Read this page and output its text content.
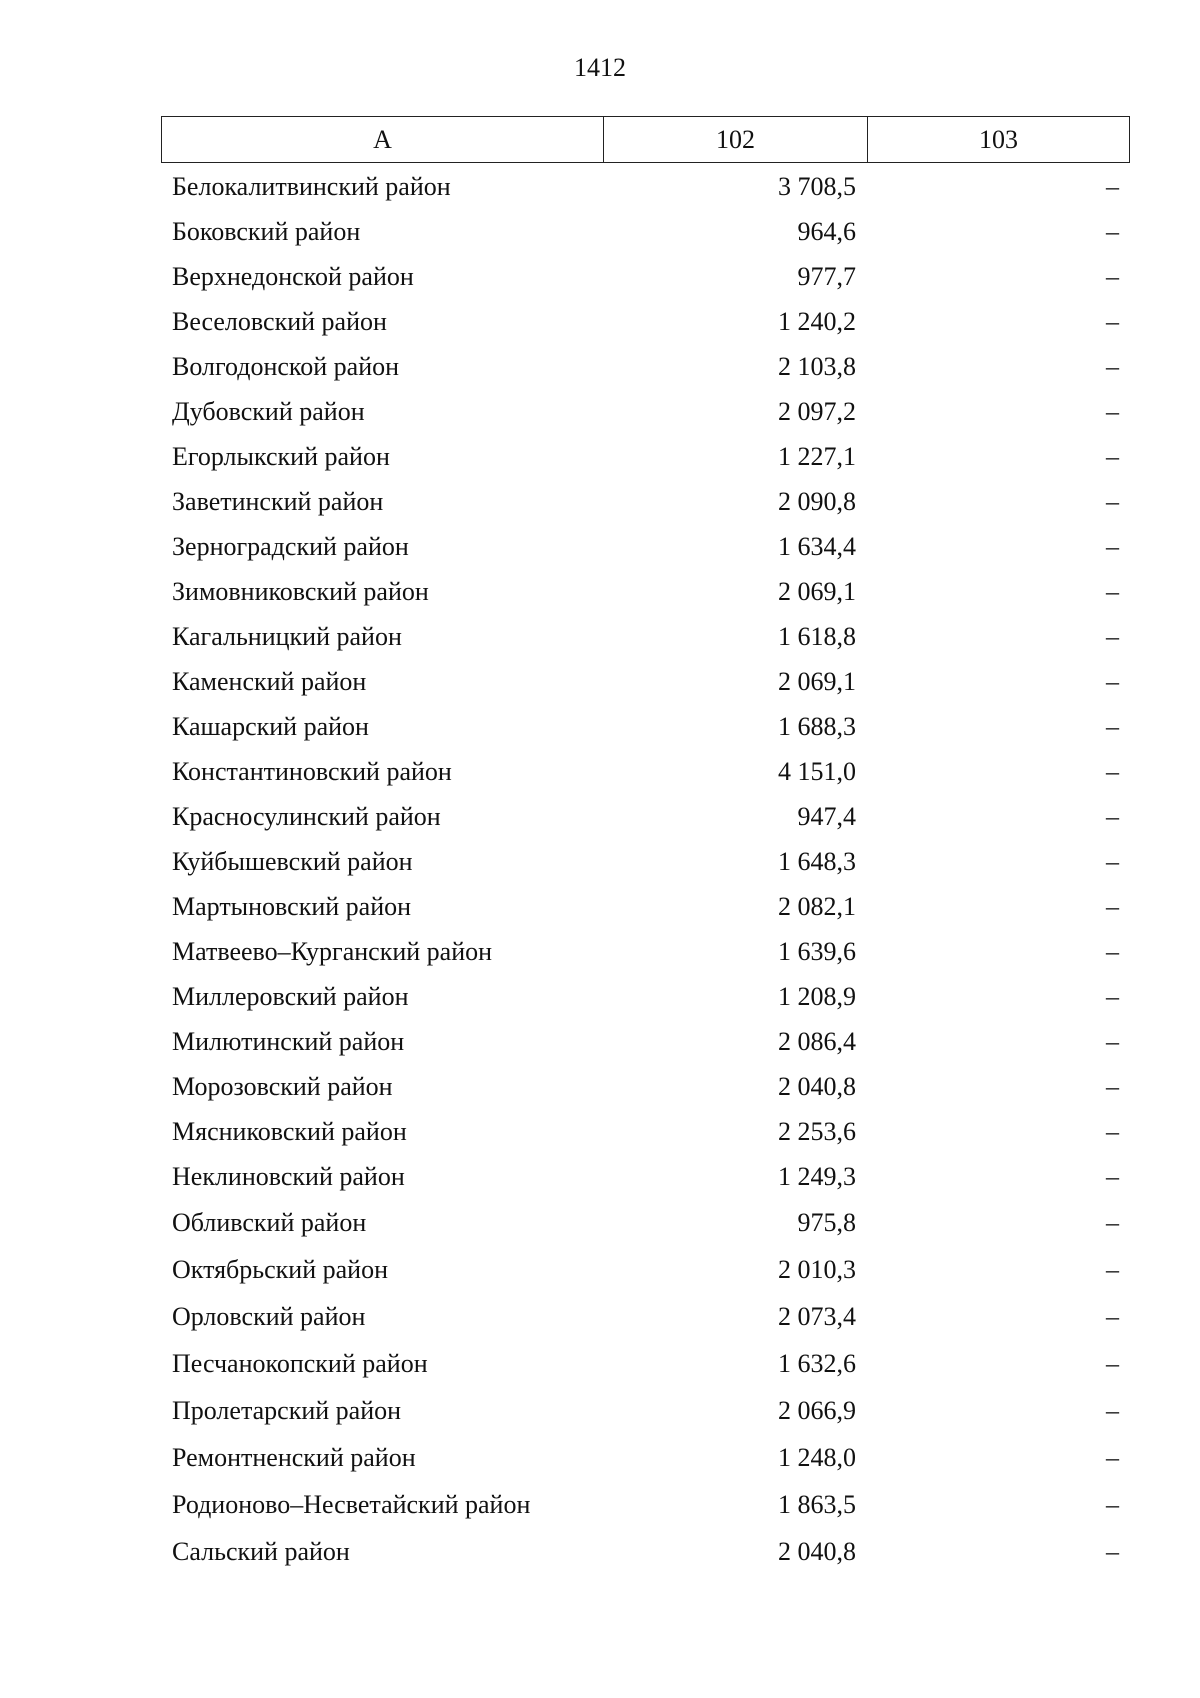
1412
А	102	103
Белокалитвинский район	3 708,5	–
Боковский район	964,6	–
Верхнедонской район	977,7	–
Веселовский район	1 240,2	–
Волгодонской район	2 103,8	–
Дубовский район	2 097,2	–
Егорлыкский район	1 227,1	–
Заветинский район	2 090,8	–
Зерноградский район	1 634,4	–
Зимовниковский район	2 069,1	–
Кагальницкий район	1 618,8	–
Каменский район	2 069,1	–
Кашарский район	1 688,3	–
Константиновский район	4 151,0	–
Красносулинский район	947,4	–
Куйбышевский район	1 648,3	–
Мартыновский район	2 082,1	–
Матвеево–Курганский район	1 639,6	–
Миллеровский район	1 208,9	–
Милютинский район	2 086,4	–
Морозовский район	2 040,8	–
Мясниковский район	2 253,6	–
Неклиновский район	1 249,3	–
Обливский район	975,8	–
Октябрьский район	2 010,3	–
Орловский район	2 073,4	–
Песчанокопский район	1 632,6	–
Пролетарский район	2 066,9	–
Ремонтненский район	1 248,0	–
Родионово–Несветайский район	1 863,5	–
Сальский район	2 040,8	–
